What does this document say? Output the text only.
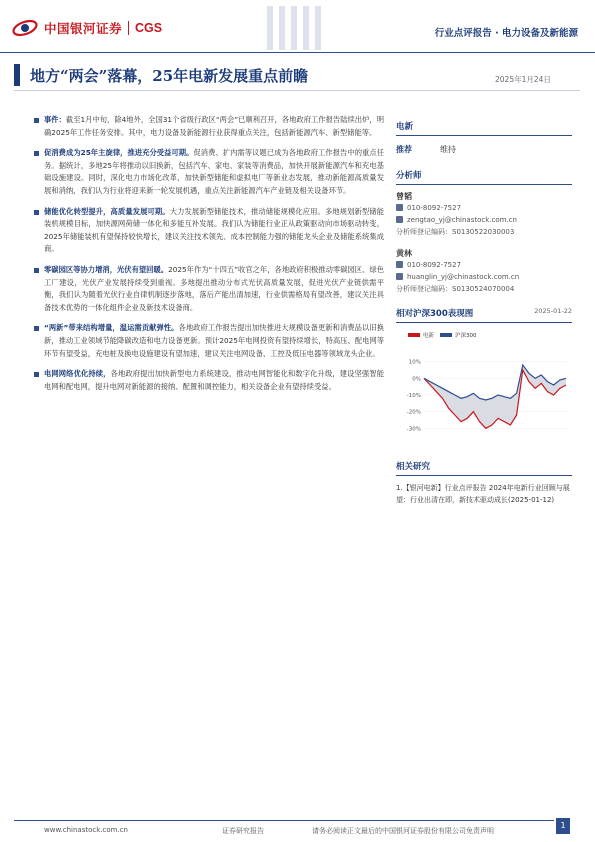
中国银河证券 CGS	行业点评报告 · 电力设备及新能源
地方“两会”落幕，25年电新发展重点前瞻	2025年1月24日
事件：截至1月中旬，除4地外，全国31个省级行政区“两会”已顺利召开，各地政府工作报告陆续出炉，明确2025年工作任务安排。其中，电力设备及新能源行业获得重点关注，包括新能源汽车、新型储能等。
促消费成为25年主旋律，推进充分受益可期。促消费、扩内需等议题已成为各地政府工作报告中的重点任务。据统计，多地25年将推动以旧换新，包括汽车、家电、家装等消费品，加快开展新能源汽车和充电基础设施建设。同时，深化电力市场化改革，加快新型储能和虚拟电厂等新业态发展，推动新能源高质量发展和消纳，我们认为行业将迎来新一轮发展机遇，重点关注新能源汽车产业链及相关设备环节。
储能优化转型提升，高质量发展可期。大力发展新型储能技术，推动储能规模化应用。多地规划新型储能装机规模目标，加快源网荷储一体化和多能互补发展。我们认为储能行业正从政策驱动向市场驱动转变，2025年储能装机有望保持较快增长，建议关注技术领先、成本控制能力强的储能龙头企业及储能系统集成商。
零碳园区等协力增消，光伏有望回暖。2025年作为“十四五”收官之年，各地政府积极推动零碳园区、绿色工厂建设，光伏产业发展持续受到重视。多地提出推动分布式光伏高质量发展，促进光伏产业链供需平衡，我们认为随着光伏行业自律机制逐步落地，落后产能出清加速，行业供需格局有望改善，建议关注具备技术优势的一体化组件企业及新技术设备商。
“两新”带来结构增量，温运需贡献弹性。各地政府工作报告提出加快推进大规模设备更新和消费品以旧换新，推动工业领域节能降碳改造和电力设备更新。预计2025年电网投资有望持续增长，特高压、配电网等环节有望受益，充电桩及换电设施建设有望加速，建议关注电网设备、工控及低压电器等领域龙头企业。
电网网络优化持续，各地政府提出加快新型电力系统建设，推动电网智能化和数字化升级，建设坚强智能电网和配电网，提升电网对新能源的接纳、配置和调控能力，相关设备企业有望持续受益。
电新
推荐	维持
分析师
曾韬
010-8092-7527
zengtao_yj@chinastock.com.cn
分析师登记编码：S0130522030003
黄林
010-8092-7527
huanglin_yj@chinastock.com.cn
分析师登记编码：S0130524070004
相对沪深300表现图	2025-01-22
电新	沪深300
10%
0%
-10%
-20%
-30%
相关研究
1.【银河电新】行业点评报告 2024年电新行业回顾与展望：行业出清在即，新技术驱动成长(2025-01-12)
www.chinastock.com.cn	证券研究报告	请务必阅读正文最后的中国银河证券股份有限公司免责声明
1
